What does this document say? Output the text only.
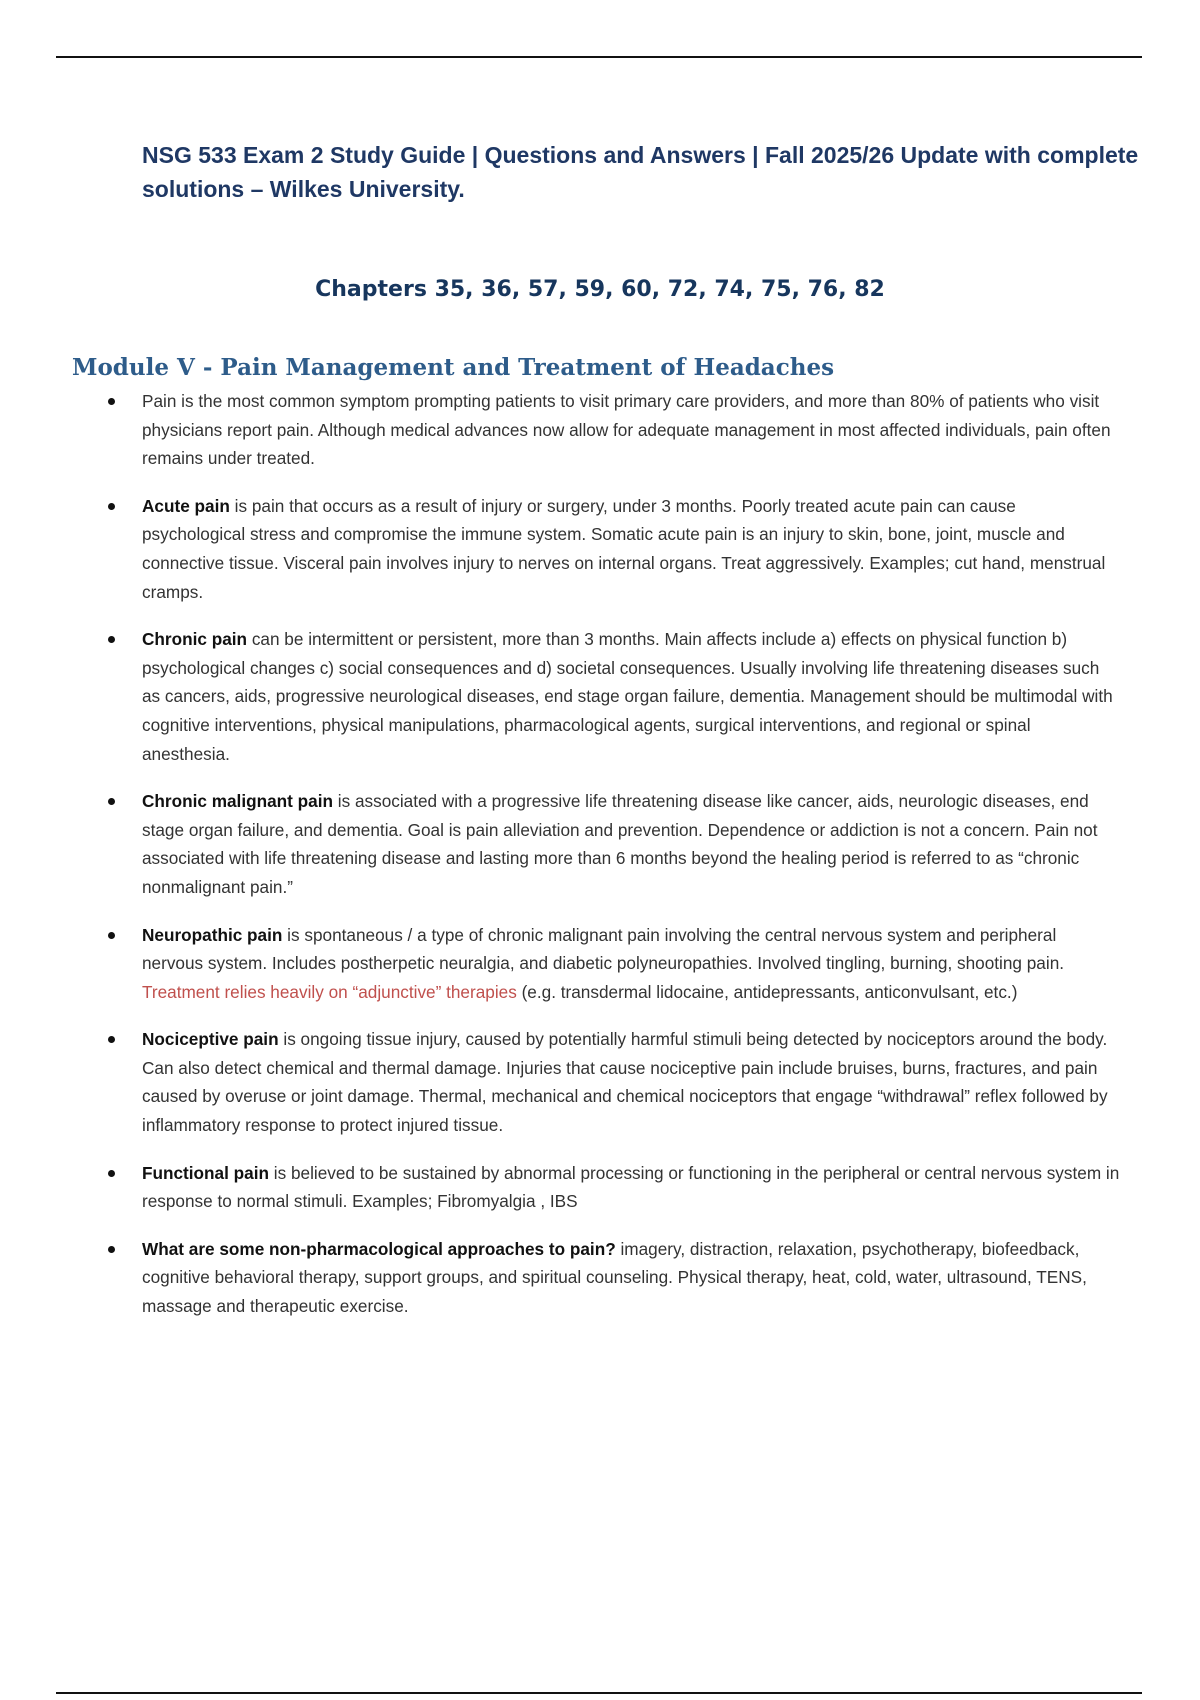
NSG 533 Exam 2 Study Guide | Questions and Answers | Fall 2025/26 Update with complete solutions – Wilkes University.
Chapters 35, 36, 57, 59, 60, 72, 74, 75, 76, 82
Module V - Pain Management and Treatment of Headaches
Pain is the most common symptom prompting patients to visit primary care providers, and more than 80% of patients who visit physicians report pain. Although medical advances now allow for adequate management in most affected individuals, pain often remains under treated.
Acute pain is pain that occurs as a result of injury or surgery, under 3 months. Poorly treated acute pain can cause psychological stress and compromise the immune system. Somatic acute pain is an injury to skin, bone, joint, muscle and connective tissue. Visceral pain involves injury to nerves on internal organs. Treat aggressively. Examples; cut hand, menstrual cramps.
Chronic pain can be intermittent or persistent, more than 3 months. Main affects include a) effects on physical function b) psychological changes c) social consequences and d) societal consequences. Usually involving life threatening diseases such as cancers, aids, progressive neurological diseases, end stage organ failure, dementia. Management should be multimodal with cognitive interventions, physical manipulations, pharmacological agents, surgical interventions, and regional or spinal anesthesia.
Chronic malignant pain is associated with a progressive life threatening disease like cancer, aids, neurologic diseases, end stage organ failure, and dementia. Goal is pain alleviation and prevention. Dependence or addiction is not a concern. Pain not associated with life threatening disease and lasting more than 6 months beyond the healing period is referred to as “chronic nonmalignant pain.”
Neuropathic pain is spontaneous / a type of chronic malignant pain involving the central nervous system and peripheral nervous system. Includes postherpetic neuralgia, and diabetic polyneuropathies. Involved tingling, burning, shooting pain. Treatment relies heavily on “adjunctive” therapies (e.g. transdermal lidocaine, antidepressants, anticonvulsant, etc.)
Nociceptive pain is ongoing tissue injury, caused by potentially harmful stimuli being detected by nociceptors around the body. Can also detect chemical and thermal damage. Injuries that cause nociceptive pain include bruises, burns, fractures, and pain caused by overuse or joint damage. Thermal, mechanical and chemical nociceptors that engage “withdrawal” reflex followed by inflammatory response to protect injured tissue.
Functional pain is believed to be sustained by abnormal processing or functioning in the peripheral or central nervous system in response to normal stimuli. Examples; Fibromyalgia , IBS
What are some non-pharmacological approaches to pain? imagery, distraction, relaxation, psychotherapy, biofeedback, cognitive behavioral therapy, support groups, and spiritual counseling. Physical therapy, heat, cold, water, ultrasound, TENS, massage and therapeutic exercise.
